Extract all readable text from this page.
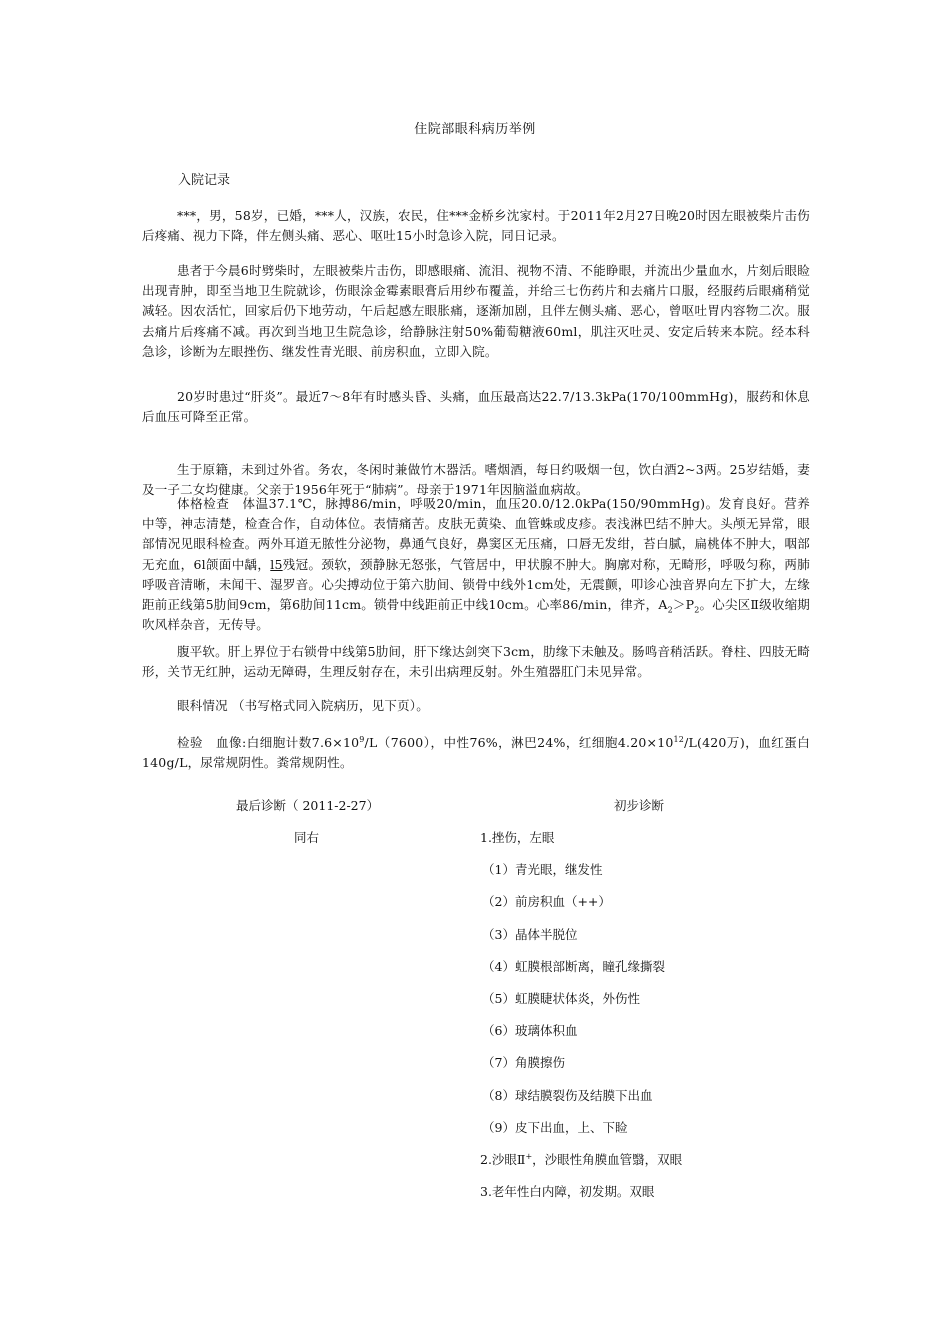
住院部眼科病历举例
入院记录

***，男，58岁，已婚，***人，汉族，农民，住***金桥乡沈家村。于2011年2月27日晚20时因左眼被柴片击伤后疼痛、视力下降，伴左侧头痛、恶心、呕吐15小时急诊入院，同日记录。

患者于今晨6时劈柴时，左眼被柴片击伤，即感眼痛、流泪、视物不清、不能睁眼，并流出少量血水，片刻后眼睑出现青肿，即至当地卫生院就诊，伤眼涂金霉素眼膏后用纱布覆盖，并给三七伤药片和去痛片口服，经服药后眼痛稍觉减轻。因农活忙，回家后仍下地劳动，午后起感左眼胀痛，逐渐加剧，且伴左侧头痛、恶心，曾呕吐胃内容物二次。服去痛片后疼痛不减。再次到当地卫生院急诊，给静脉注射50%葡萄糖液60ml，肌注灭吐灵、安定后转来本院。经本科急诊，诊断为左眼挫伤、继发性青光眼、前房积血，立即入院。

20岁时患过“肝炎”。最近7～8年有时感头昏、头痛，血压最高达22.7/13.3kPa(170/100mmHg)，服药和休息后血压可降至正常。

生于原籍，未到过外省。务农，冬闲时兼做竹木器活。嗜烟酒，每日约吸烟一包，饮白酒2~3两。25岁结婚，妻及一子二女均健康。父亲于1956年死于“肺病”。母亲于1971年因脑溢血病故。

体格检查　体温37.1℃，脉搏86/min，呼吸20/min，血压20.0/12.0kPa(150/90mmHg)。发育良好。营养中等，神志清楚，检查合作，自动体位。表情痛苦。皮肤无黄染、血管蛛或皮疹。表浅淋巴结不肿大。头颅无异常，眼部情况见眼科检查。两外耳道无脓性分泌物，鼻通气良好，鼻窦区无压痛，口唇无发绀，苔白腻，扁桃体不肿大，咽部无充血，6l颌面中龋，l5残冠。颈软，颈静脉无怒张，气管居中，甲状腺不肿大。胸廓对称，无畸形，呼吸匀称，两肺呼吸音清晰，未闻干、湿罗音。心尖搏动位于第六肋间、锁骨中线外1cm处，无震颤，叩诊心浊音界向左下扩大，左缘距前正线第5肋间9cm，第6肋间11cm。锁骨中线距前正中线10cm。心率86/min，律齐，$A_2>P_2$。心尖区Ⅱ级收缩期吹风样杂音，无传导。

腹平软。肝上界位于右锁骨中线第5肋间，肝下缘达剑突下3cm，肋缘下未触及。肠鸣音稍活跃。脊柱、四肢无畸形，关节无红肿，运动无障碍，生理反射存在，未引出病理反射。外生殖器肛门未见异常。

眼科情况 （书写格式同入院病历，见下页）。

检验　血像:白细胞计数$7.6\times 10^9/L(7600)$，中性76%，淋巴24%，红细胞$4.20\times 10^{12}/L(420$万)，血红蛋白140g/L，尿常规阴性。粪常规阴性。

最后诊断（ 2011-2-27）	初步诊断
同右	1.挫伤，左眼
（1）青光眼，继发性
（2）前房积血（++）
（3）晶体半脱位
（4）虹膜根部断离，瞳孔缘撕裂
（5）虹膜睫状体炎，外伤性
（6）玻璃体积血
（7）角膜擦伤
（8）球结膜裂伤及结膜下出血
（9）皮下出血，上、下睑
2.沙眼Ⅱ+，沙眼性角膜血管翳，双眼
3.老年性白内障，初发期。双眼
